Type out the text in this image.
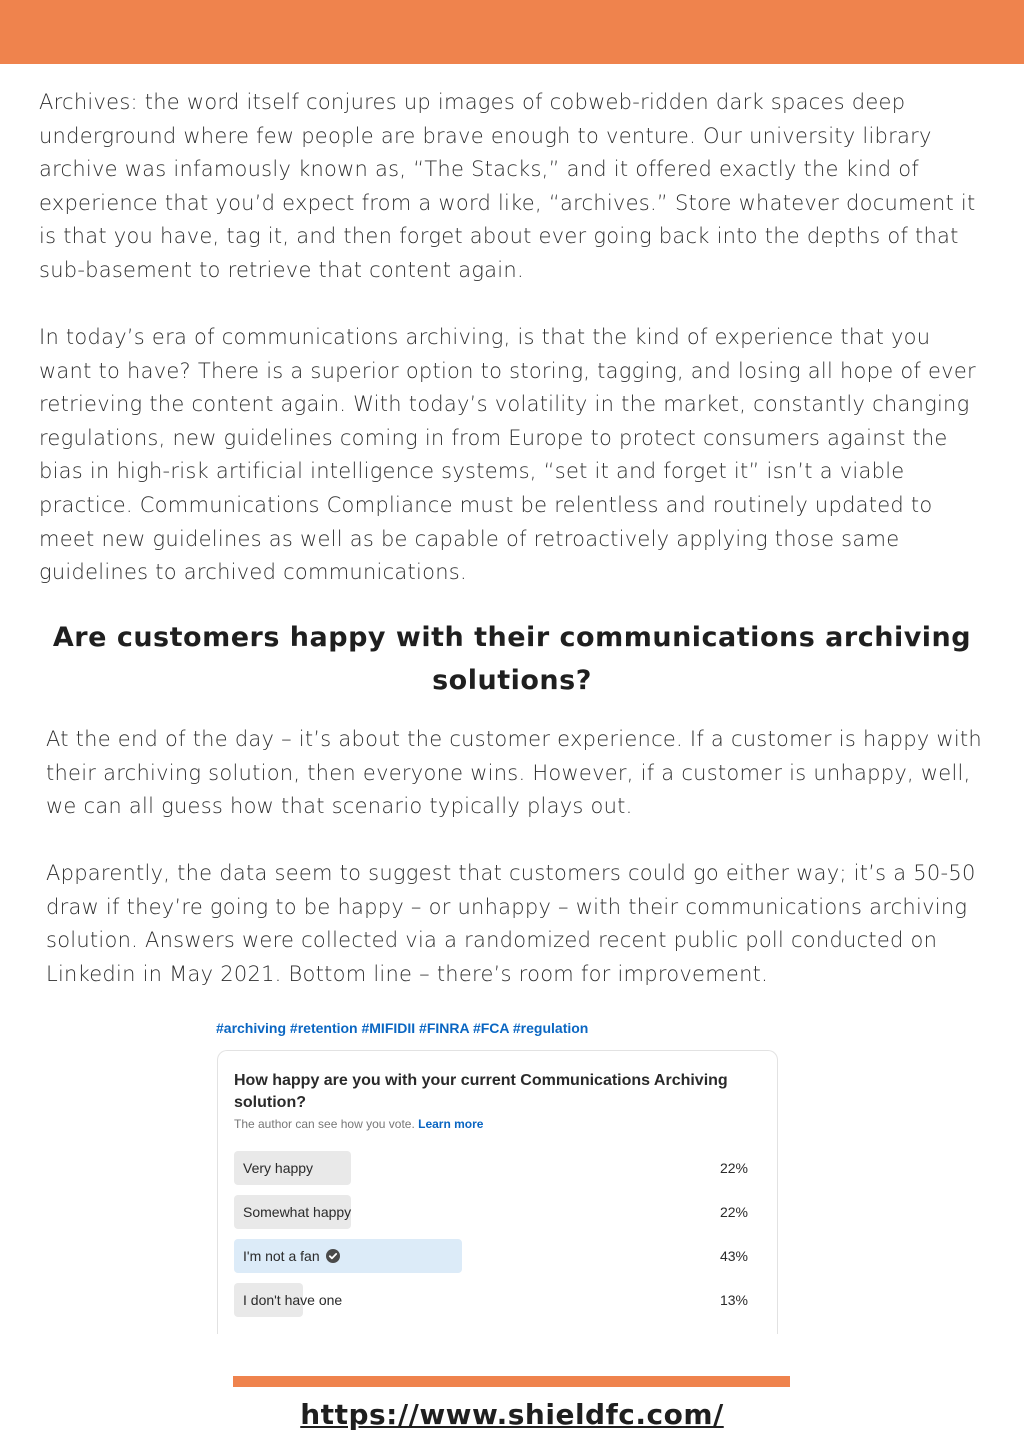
Archives: the word itself conjures up images of cobweb-ridden dark spaces deep underground where few people are brave enough to venture. Our university library archive was infamously known as, “The Stacks,” and it offered exactly the kind of experience that you’d expect from a word like, “archives.” Store whatever document it is that you have, tag it, and then forget about ever going back into the depths of that sub-basement to retrieve that content again.

In today’s era of communications archiving, is that the kind of experience that you want to have? There is a superior option to storing, tagging, and losing all hope of ever retrieving the content again. With today’s volatility in the market, constantly changing regulations, new guidelines coming in from Europe to protect consumers against the bias in high-risk artificial intelligence systems, “set it and forget it” isn’t a viable practice. Communications Compliance must be relentless and routinely updated to meet new guidelines as well as be capable of retroactively applying those same guidelines to archived communications.

Are customers happy with their communications archiving solutions?

At the end of the day – it’s about the customer experience. If a customer is happy with their archiving solution, then everyone wins. However, if a customer is unhappy, well, we can all guess how that scenario typically plays out.

Apparently, the data seem to suggest that customers could go either way; it’s a 50-50 draw if they’re going to be happy – or unhappy – with their communications archiving solution. Answers were collected via a randomized recent public poll conducted on Linkedin in May 2021. Bottom line – there’s room for improvement.

#archiving #retention #MIFIDII #FINRA #FCA #regulation

How happy are you with your current Communications Archiving solution?

The author can see how you vote. Learn more
Very happy	22%
Somewhat happy	22%
I'm not a fan	43%
I don't have one	13%
https://www.shieldfc.com/
